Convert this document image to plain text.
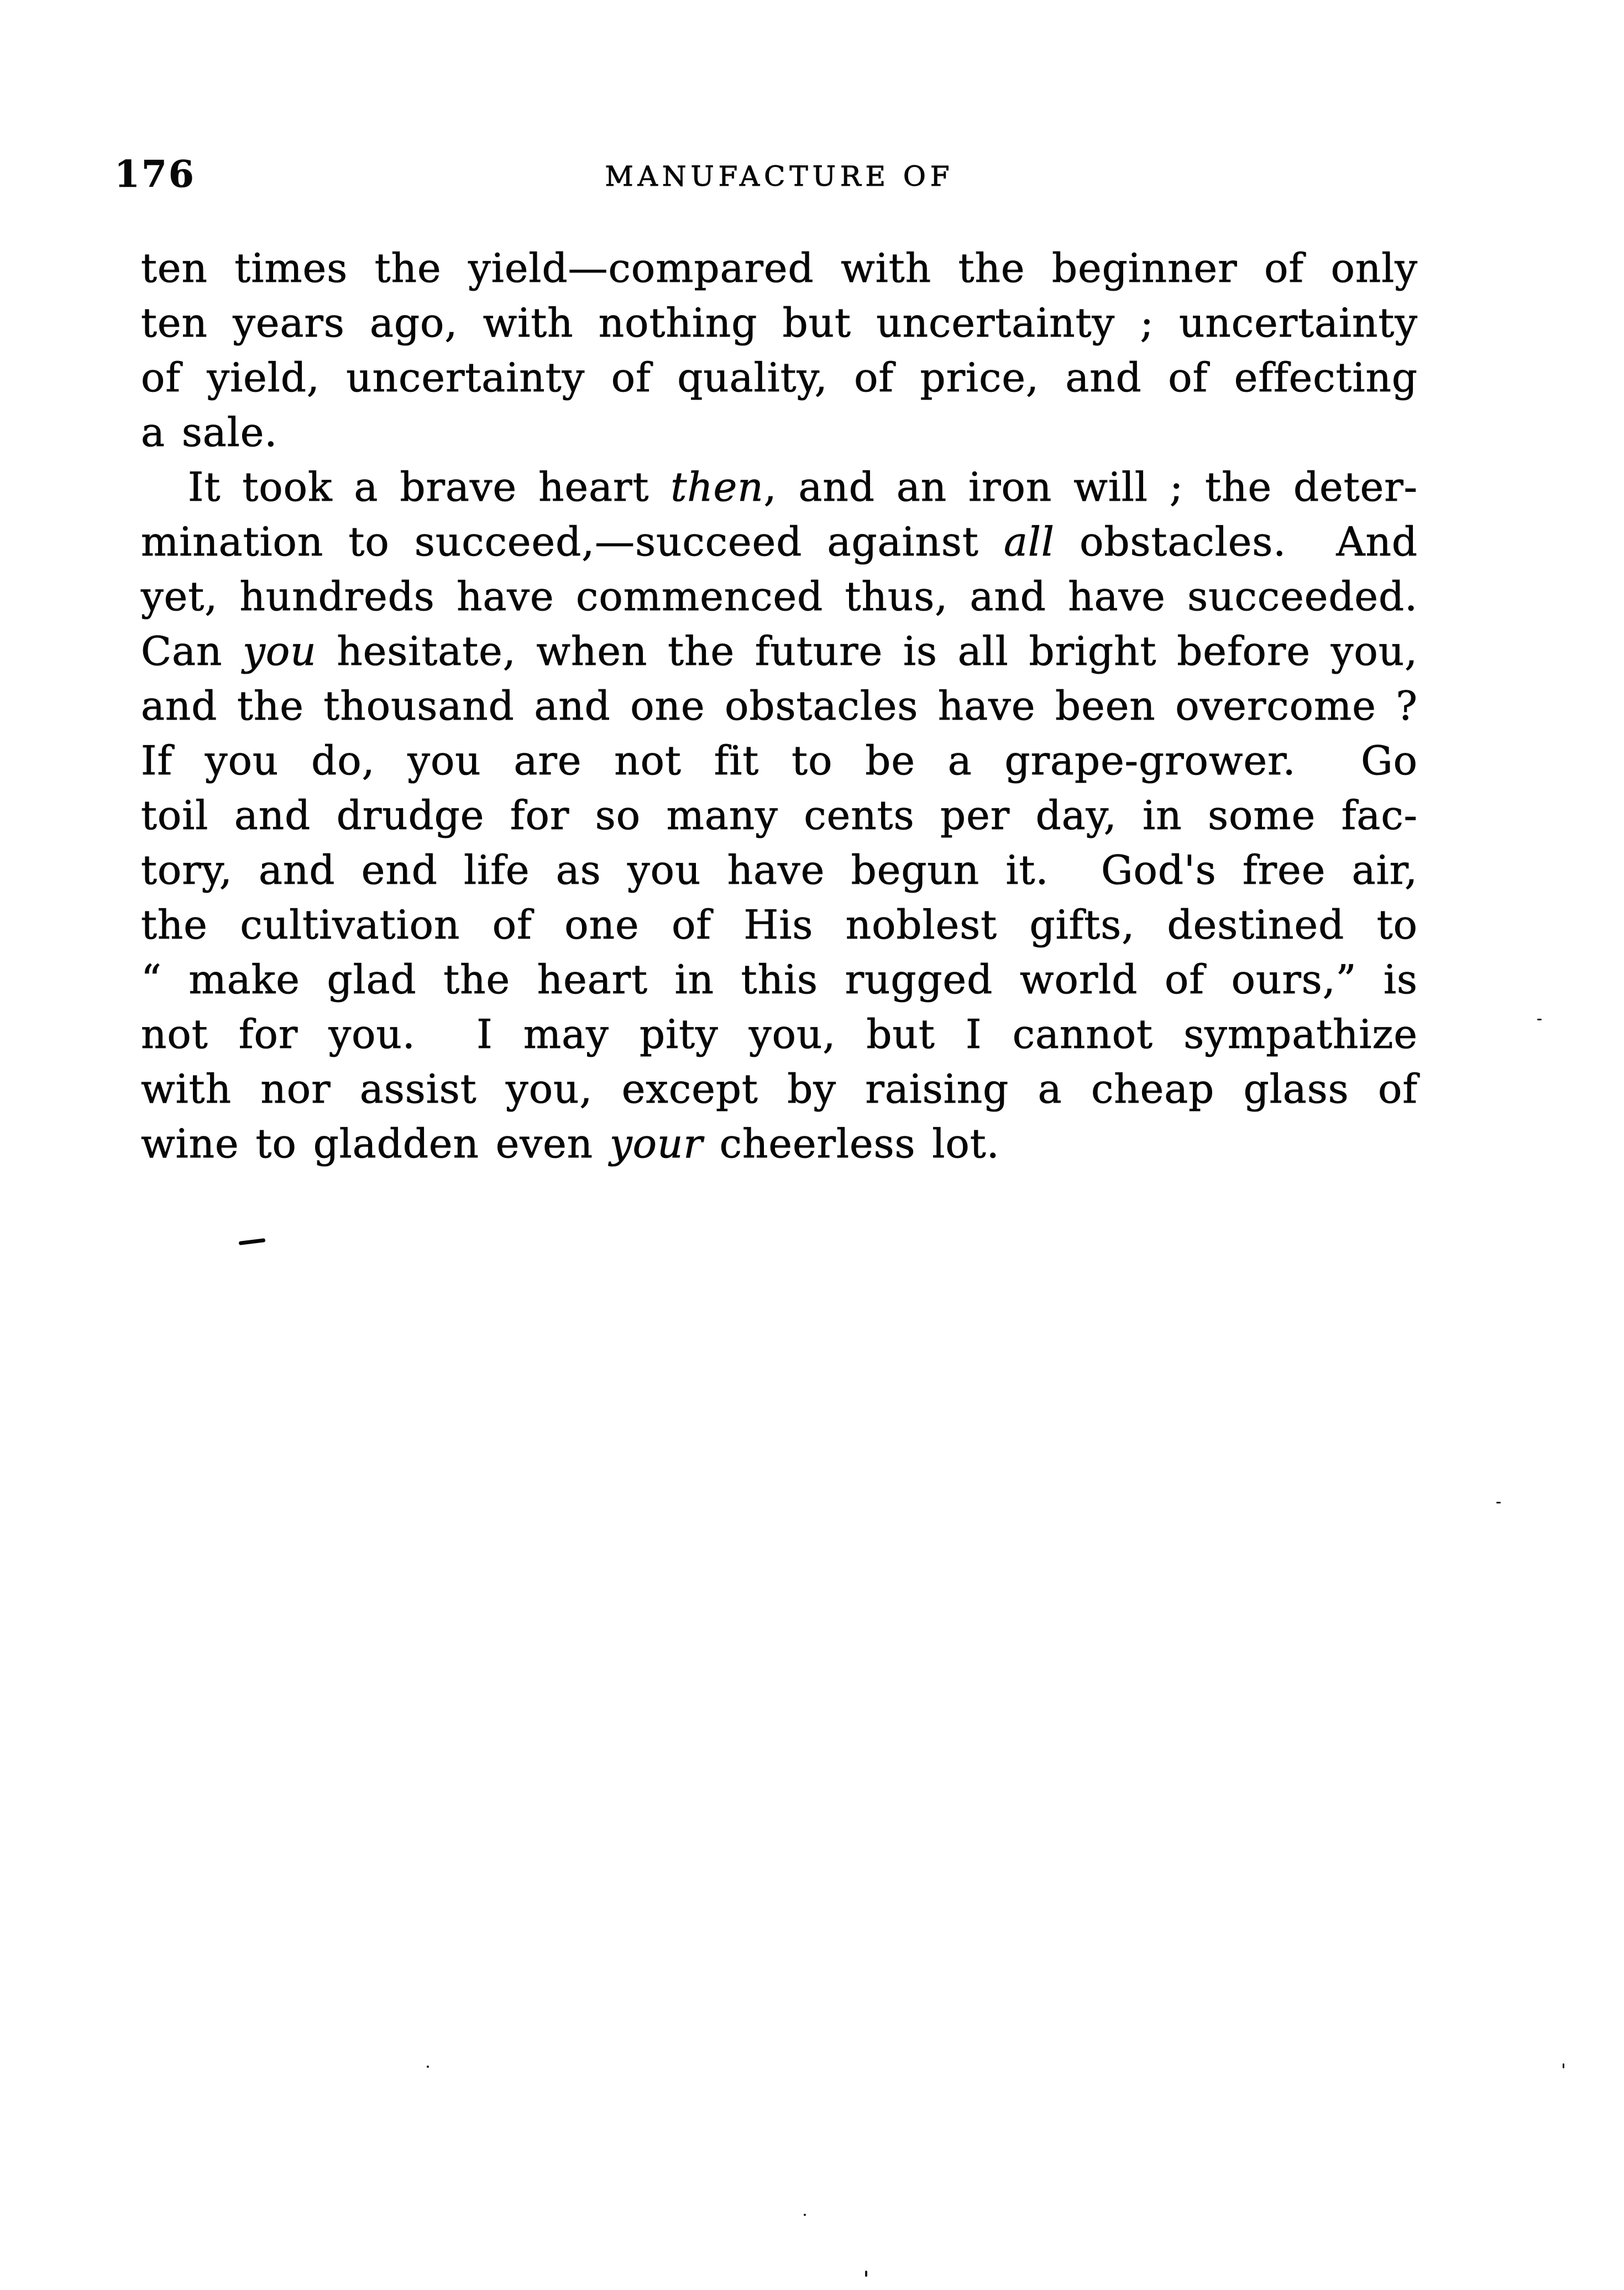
176	MANUFACTURE OF
ten times the yield—compared with the beginner of only
ten years ago, with nothing but uncertainty ; uncertainty
of yield, uncertainty of quality, of price, and of effecting
a sale.
It took a brave heart then, and an iron will ; the deter-
mination to succeed,—succeed against all obstacles.  And
yet, hundreds have commenced thus, and have succeeded.
Can you hesitate, when the future is all bright before you,
and the thousand and one obstacles have been overcome ?
If you do, you are not fit to be a grape-grower.  Go
toil and drudge for so many cents per day, in some fac-
tory, and end life as you have begun it.  God's free air,
the cultivation of one of His noblest gifts, destined to
“ make glad the heart in this rugged world of ours,” is
not for you.  I may pity you, but I cannot sympathize
with nor assist you, except by raising a cheap glass of
wine to gladden even your cheerless lot.
